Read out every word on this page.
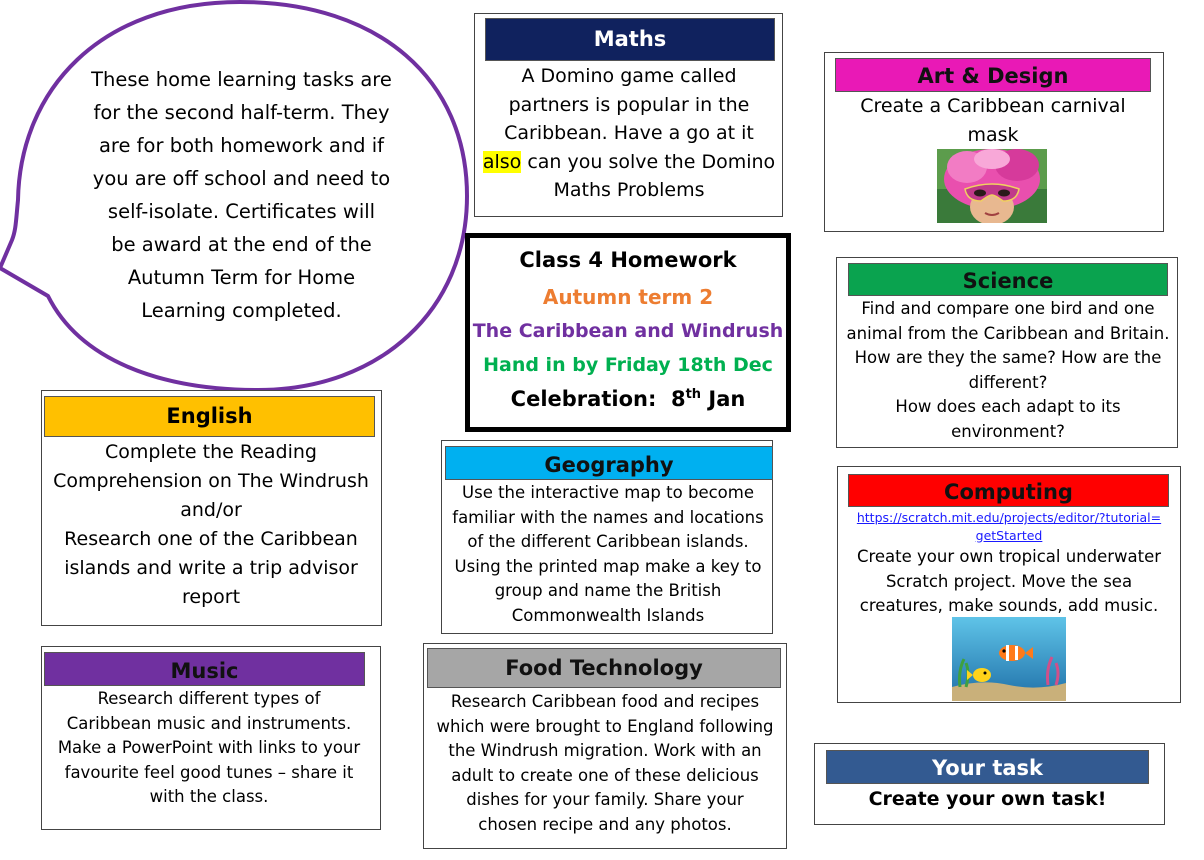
These home learning tasks are
for the second half-term. They
are for both homework and if
you are off school and need to
self-isolate. Certificates will
be award at the end of the
Autumn Term for Home
Learning completed.
Maths
A Domino game called
partners is popular in the
Caribbean. Have a go at it
also can you solve the Domino
Maths Problems
Art & Design
Create a Caribbean carnival
mask
Class 4 Homework
Autumn term 2
The Caribbean and Windrush
Hand in by Friday 18th Dec
Celebration: 8th Jan
Science
Find and compare one bird and one
animal from the Caribbean and Britain.
How are they the same? How are the
different?
How does each adapt to its
environment?
English
Complete the Reading
Comprehension on The Windrush
and/or
Research one of the Caribbean
islands and write a trip advisor
report
Geography
Use the interactive map to become
familiar with the names and locations
of the different Caribbean islands.
Using the printed map make a key to
group and name the British
Commonwealth Islands
Computing
https://scratch.mit.edu/projects/editor/?tutorial=
getStarted
Create your own tropical underwater
Scratch project. Move the sea
creatures, make sounds, add music.
Music
Research different types of
Caribbean music and instruments.
Make a PowerPoint with links to your
favourite feel good tunes – share it
with the class.
Food Technology
Research Caribbean food and recipes
which were brought to England following
the Windrush migration. Work with an
adult to create one of these delicious
dishes for your family. Share your
chosen recipe and any photos.
Your task
Create your own task!
